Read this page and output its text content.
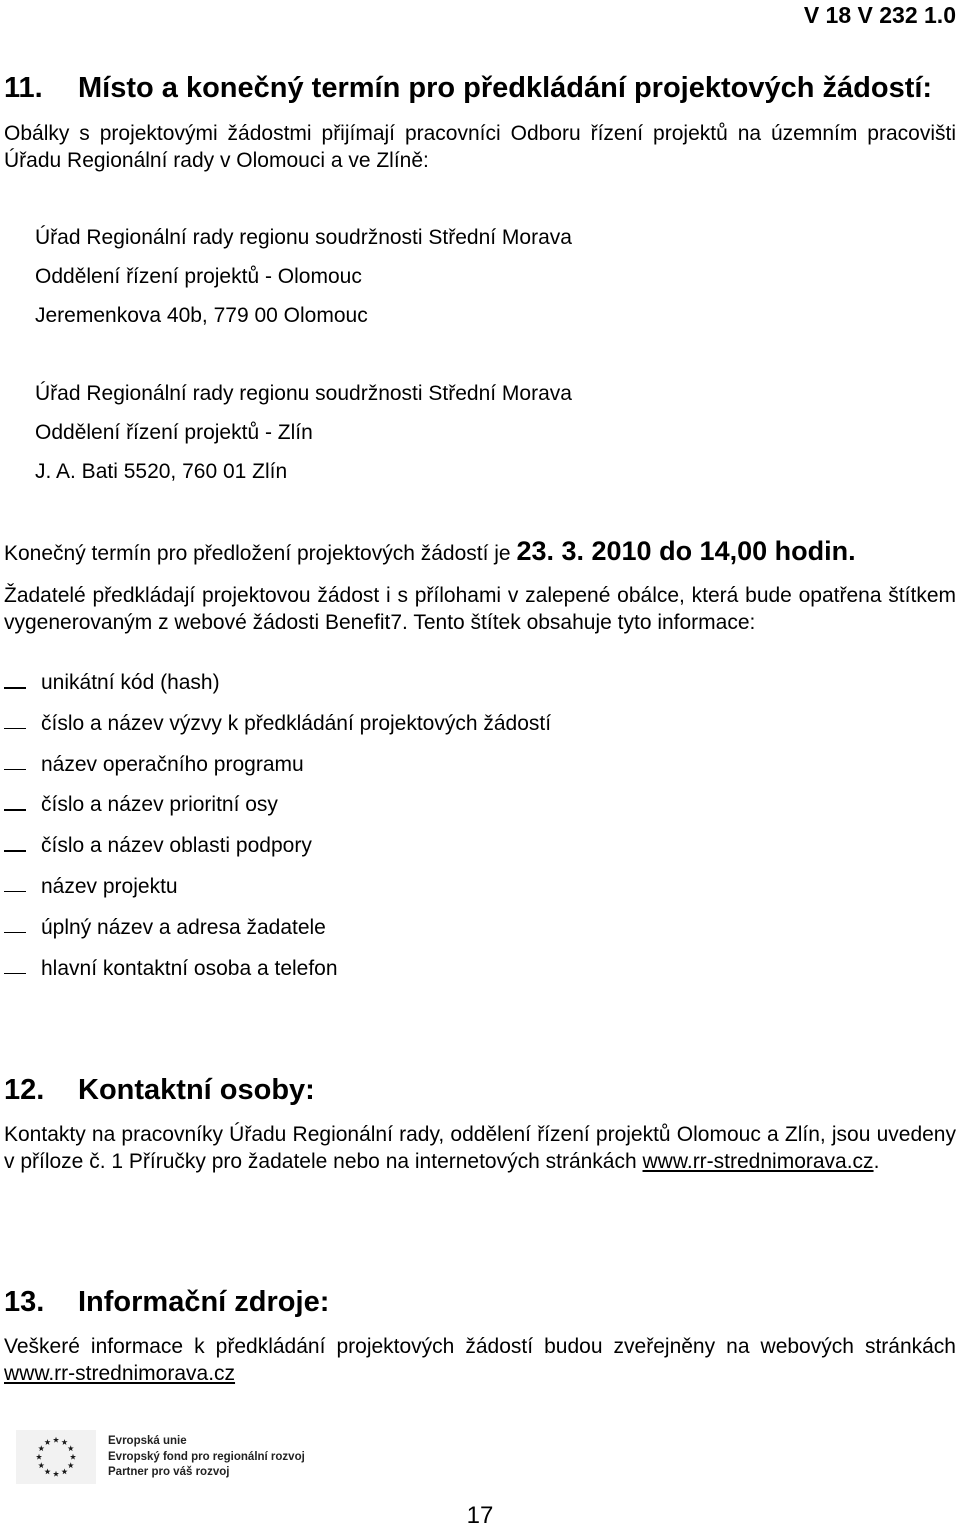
V 18 V 232 1.0
11. Místo a konečný termín pro předkládání projektových žádostí:
Obálky s projektovými žádostmi přijímají pracovníci Odboru řízení projektů na územním pracovišti Úřadu Regionální rady v Olomouci a ve Zlíně:
Úřad Regionální rady regionu soudržnosti Střední Morava
Oddělení řízení projektů - Olomouc
Jeremenkova 40b, 779 00 Olomouc
Úřad Regionální rady regionu soudržnosti Střední Morava
Oddělení řízení projektů - Zlín
J. A. Bati 5520, 760 01 Zlín
Konečný termín pro předložení projektových žádostí je 23. 3. 2010 do 14,00 hodin.
Žadatelé předkládají projektovou žádost i s přílohami v zalepené obálce, která bude opatřena štítkem vygenerovaným z webové žádosti Benefit7. Tento štítek obsahuje tyto informace:
unikátní kód (hash)
číslo a název výzvy k předkládání projektových žádostí
název operačního programu
číslo a název prioritní osy
číslo a název oblasti podpory
název projektu
úplný název a adresa žadatele
hlavní kontaktní osoba a telefon
12. Kontaktní osoby:
Kontakty na pracovníky Úřadu Regionální rady, oddělení řízení projektů Olomouc a Zlín, jsou uvedeny v příloze č. 1 Příručky pro žadatele nebo na internetových stránkách www.rr-strednimorava.cz.
13. Informační zdroje:
Veškeré informace k předkládání projektových žádostí budou zveřejněny na webových stránkách www.rr-strednimorava.cz
Evropská unie
Evropský fond pro regionální rozvoj
Partner pro váš rozvoj
17
